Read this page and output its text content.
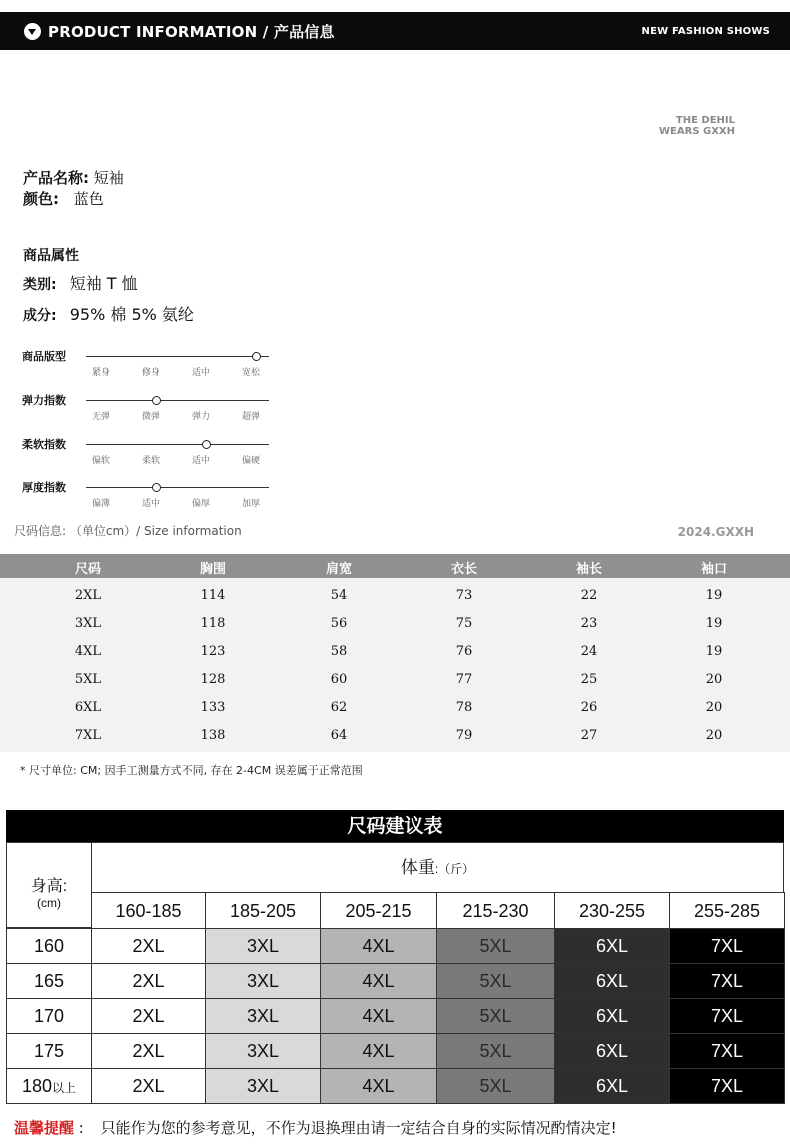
PRODUCT INFORMATION / 产品信息	NEW FASHION SHOWS
THE DEHIL
WEARS GXXH
产品名称: 短袖
颜色: 蓝色
商品属性
类别: 短袖 T 恤
成分: 95% 棉 5% 氨纶
商品版型
紧身	修身	适中	宽松
弹力指数
无弹	微弹	弹力	超弹
柔软指数
偏软	柔软	适中	偏硬
厚度指数
偏薄	适中	偏厚	加厚
尺码信息: （单位cm）/ Size information	2024.GXXH
尺码	胸围	肩宽	衣长	袖长	袖口
2XL	114	54	73	22	19
3XL	118	56	75	23	19
4XL	123	58	76	24	19
5XL	128	60	77	25	20
6XL	133	62	78	26	20
7XL	138	64	79	27	20
* 尺寸单位: CM; 因手工测量方式不同, 存在 2-4CM 误差属于正常范围
尺码建议表
身高:
(cm)
体重:（斤）
160-185	185-205	205-215	215-230	230-255	255-285
160	2XL	3XL	4XL	5XL	6XL	7XL
165	2XL	3XL	4XL	5XL	6XL	7XL
170	2XL	3XL	4XL	5XL	6XL	7XL
175	2XL	3XL	4XL	5XL	6XL	7XL
180以上	2XL	3XL	4XL	5XL	6XL	7XL
温馨提醒 : 只能作为您的参考意见，不作为退换理由请一定结合自身的实际情况酌情决定!
